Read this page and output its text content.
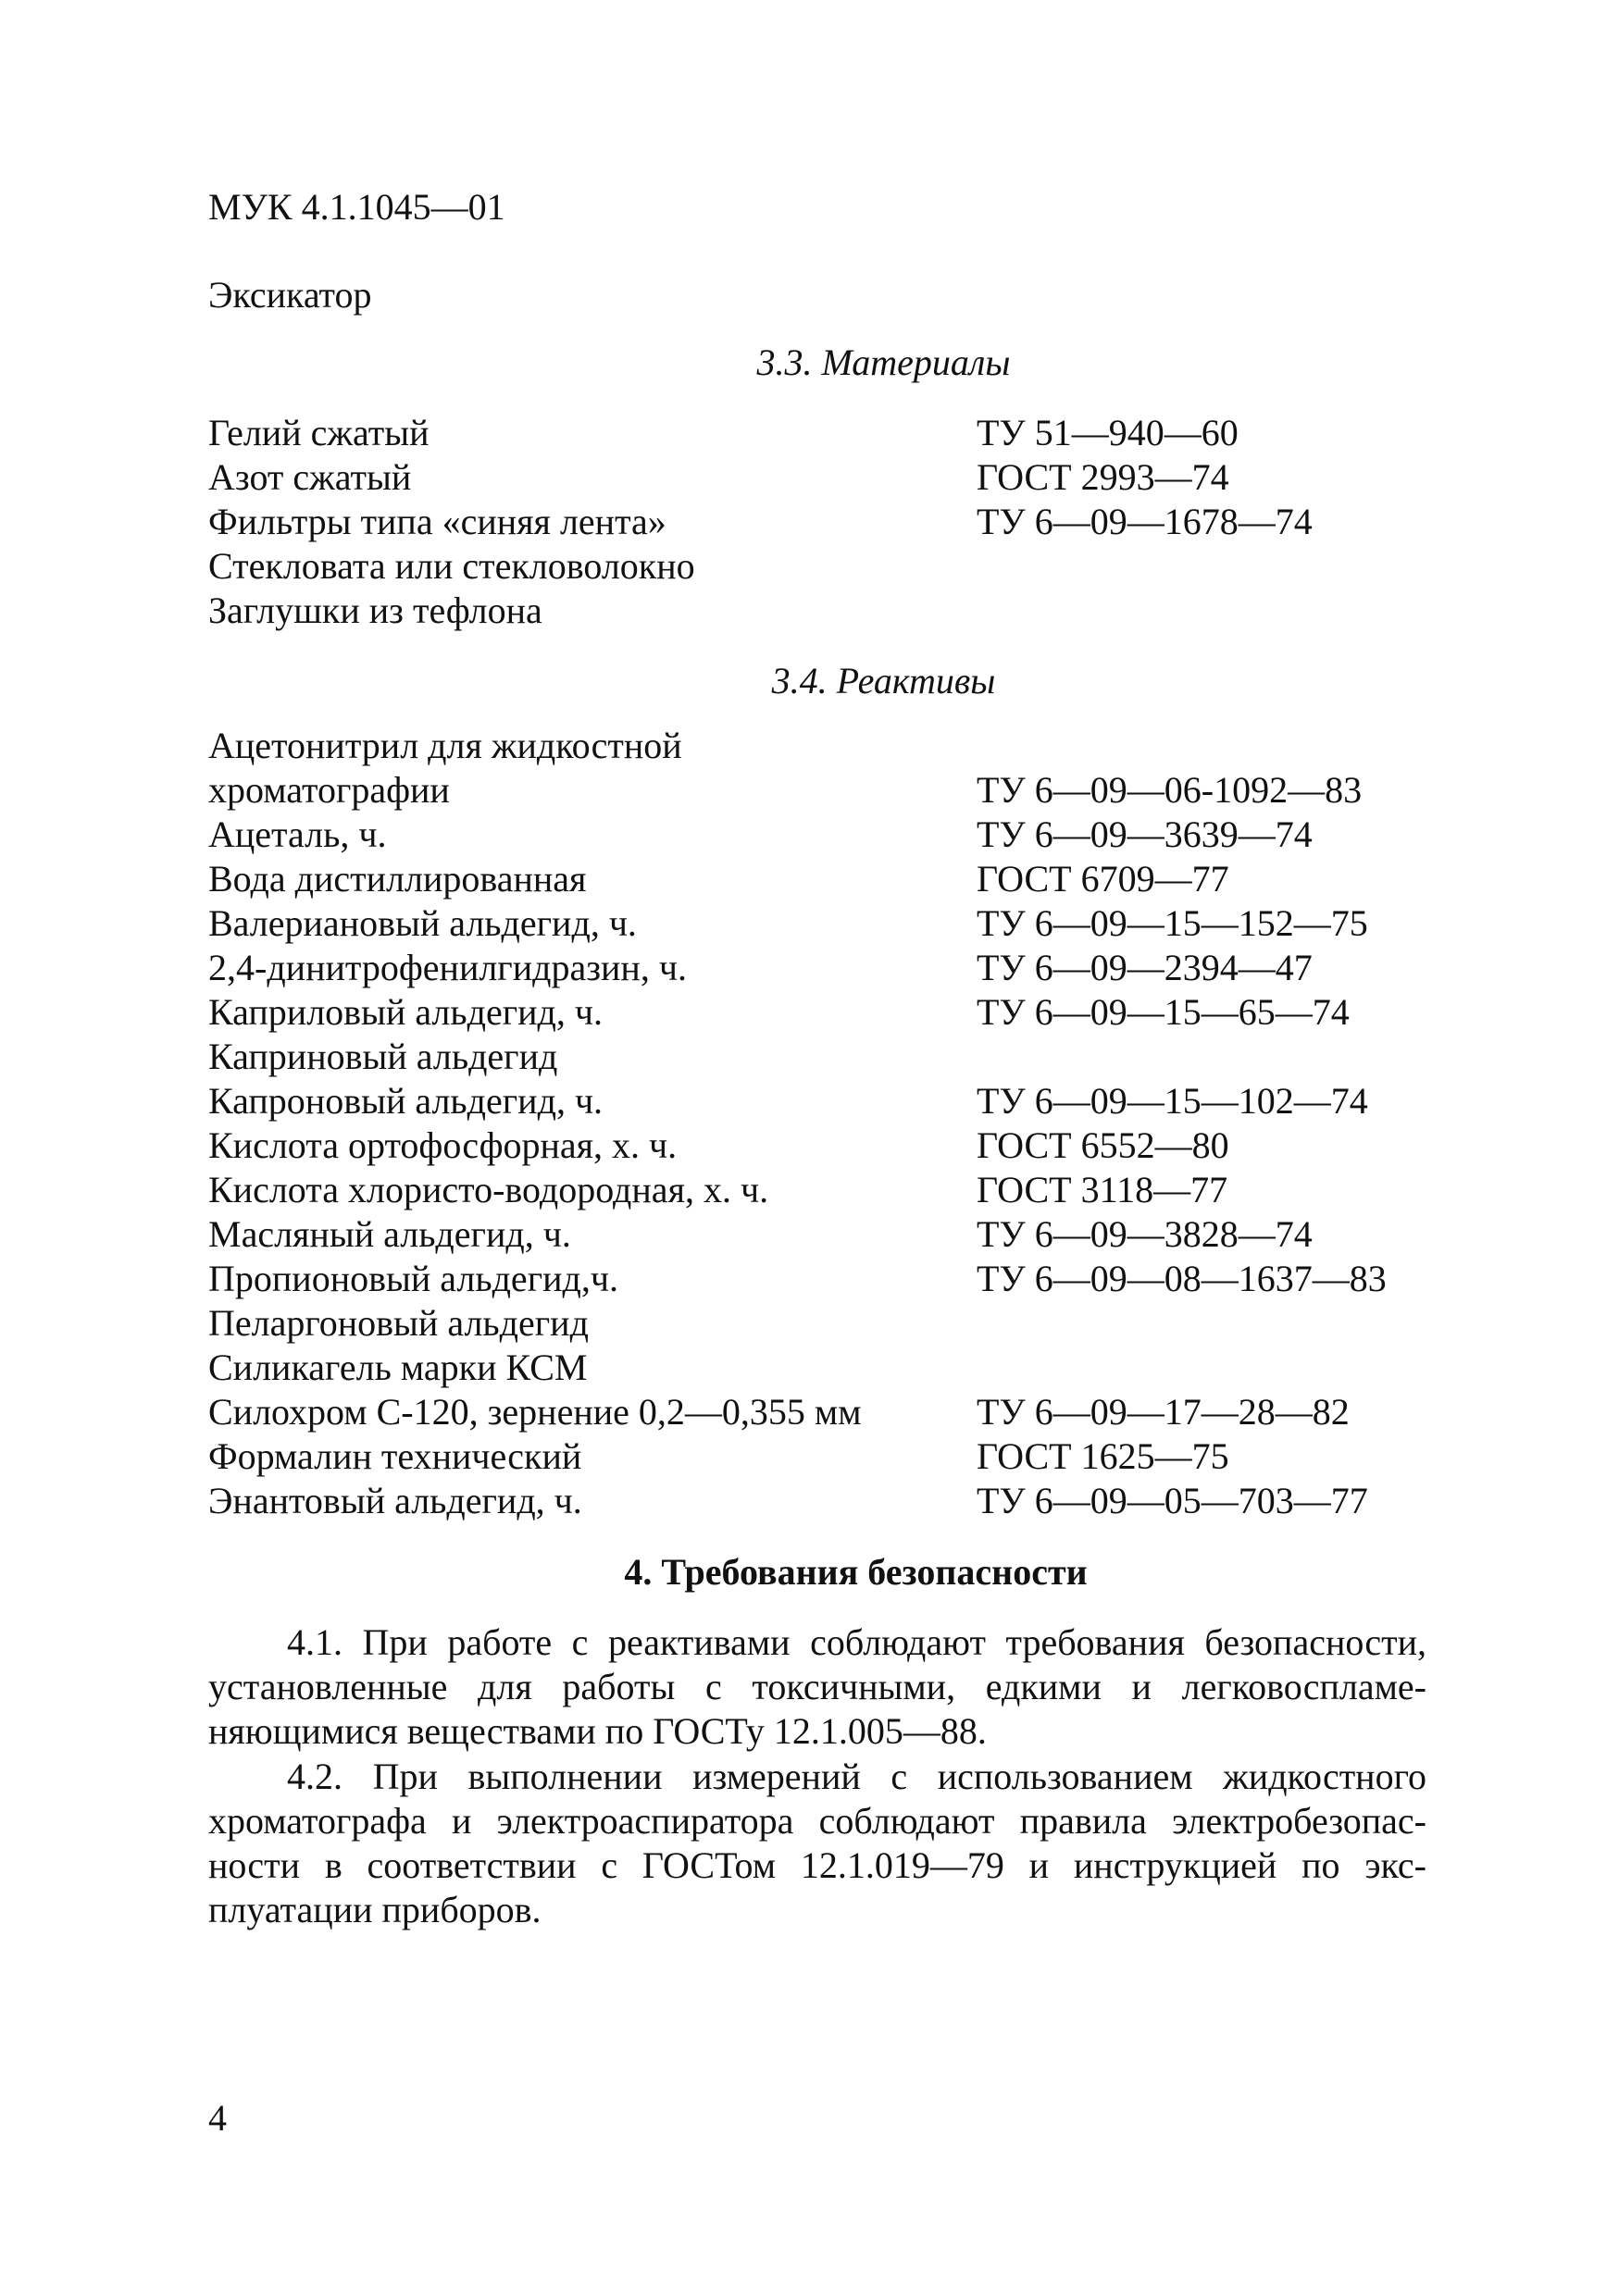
МУК 4.1.1045—01
Эксикатор
3.3. Материалы
Гелий сжатый	ТУ 51—940—60
Азот сжатый	ГОСТ 2993—74
Фильтры типа «синяя лента»	ТУ 6—09—1678—74
Стекловата или стекловолокно
Заглушки из тефлона
3.4. Реактивы
Ацетонитрил для жидкостной
хроматографии	ТУ 6—09—06-1092—83
Ацеталь, ч.	ТУ 6—09—3639—74
Вода дистиллированная	ГОСТ 6709—77
Валериановый альдегид, ч.	ТУ 6—09—15—152—75
2,4-динитрофенилгидразин, ч.	ТУ 6—09—2394—47
Каприловый альдегид, ч.	ТУ 6—09—15—65—74
Каприновый альдегид
Капроновый альдегид, ч.	ТУ 6—09—15—102—74
Кислота ортофосфорная, х. ч.	ГОСТ 6552—80
Кислота хлористо-водородная, х. ч.	ГОСТ 3118—77
Масляный альдегид, ч.	ТУ 6—09—3828—74
Пропионовый альдегид,ч.	ТУ 6—09—08—1637—83
Пеларгоновый альдегид
Силикагель марки КСМ
Силохром С-120, зернение 0,2—0,355 мм	ТУ 6—09—17—28—82
Формалин технический	ГОСТ 1625—75
Энантовый альдегид, ч.	ТУ 6—09—05—703—77
4. Требования безопасности
4.1. При работе с реактивами соблюдают требования безопасности,
установленные для работы с токсичными, едкими и легковоспламе-
няющимися веществами по ГОСТу 12.1.005—88.
4.2. При выполнении измерений с использованием жидкостного
хроматографа и электроаспиратора соблюдают правила электробезопас-
ности в соответствии с ГОСТом 12.1.019—79 и инструкцией по экс-
плуатации приборов.
4
